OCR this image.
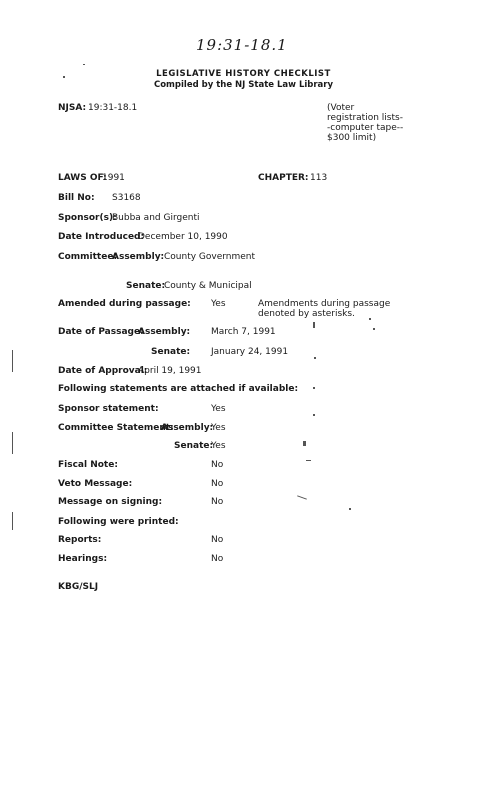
19:31-18.1
LEGISLATIVE HISTORY CHECKLIST
Compiled by the NJ State Law Library
NJSA: 19:31-18.1	(Voter
registration lists-
-computer tape--
$300 limit)
LAWS OF:
1991	CHAPTER: 113
Bill No: S3168
Sponsor(s):
Bubba and Girgenti
Date Introduced:
December 10, 1990
Committee:
Assembly: County Government
Senate:
County & Municipal
Amended during passage: Yes	Amendments during passage
denoted by asterisks.
Date of Passage:
Assembly: March 7, 1991
Senate: January 24, 1991
Date of Approval:
April 19, 1991
Following statements are attached if available:
Sponsor statement:	Yes
Committee Statement:
Assembly:
Yes
Senate:
Yes
Fiscal Note:	No
Veto Message:	No
Message on signing:	No
Following were printed:
Reports:	No
Hearings:	No
KBG/SLJ
